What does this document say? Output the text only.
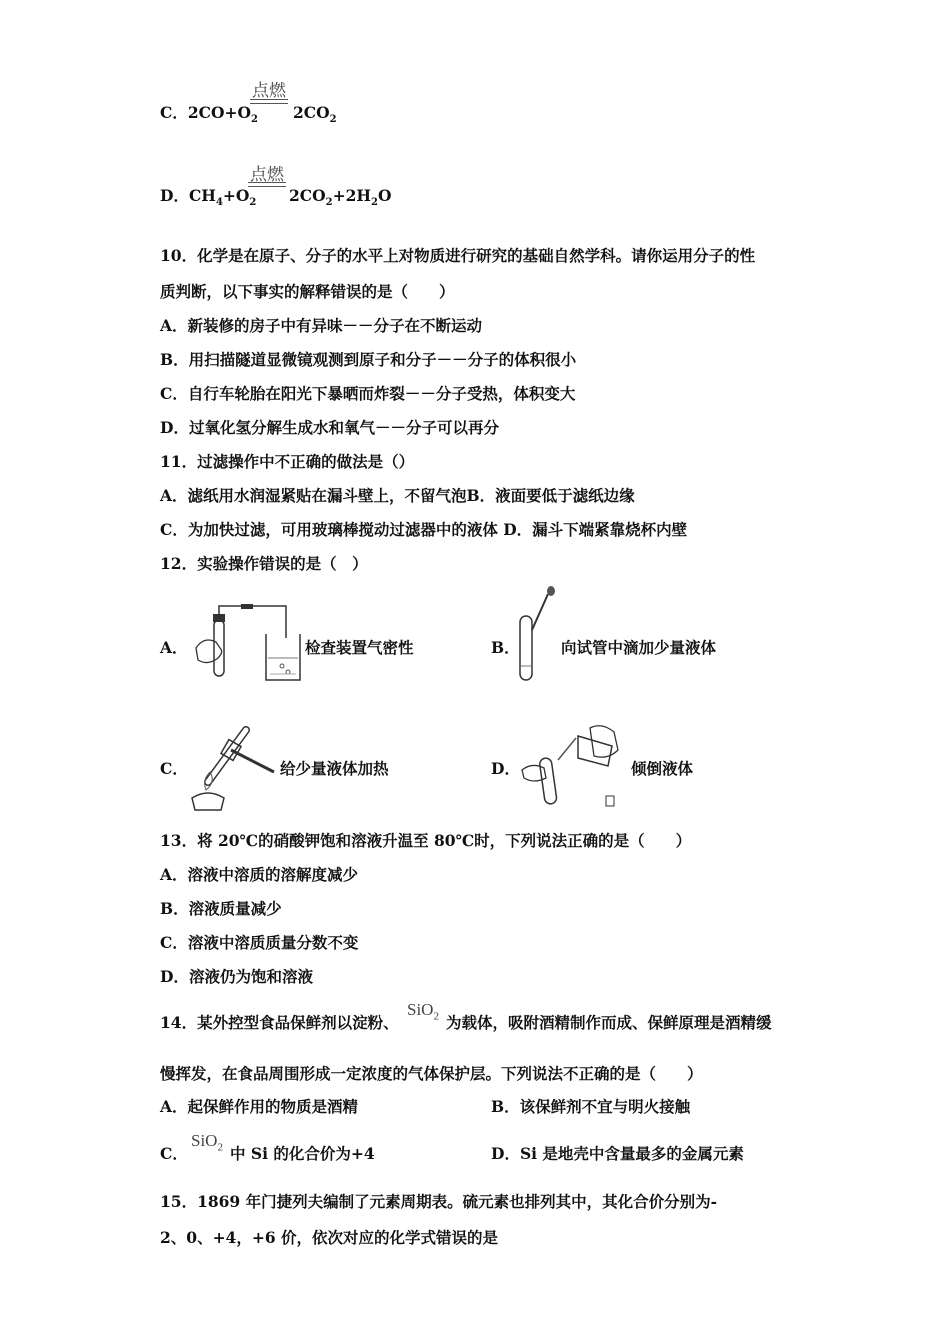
C．$2CO+O_2$
点燃
$2CO_2$
D．$CH_4+O_2$
点燃
$2CO_2+2H_2O$
10．化学是在原子、分子的水平上对物质进行研究的基础自然学科。请你运用分子的性
质判断，以下事实的解释错误的是（　　）
A．新装修的房子中有异味－－分子在不断运动
B．用扫描隧道显微镜观测到原子和分子－－分子的体积很小
C．自行车轮胎在阳光下暴晒而炸裂－－分子受热，体积变大
D．过氧化氢分解生成水和氧气－－分子可以再分
11．过滤操作中不正确的做法是（）
A．滤纸用水润湿紧贴在漏斗壁上，不留气泡B．液面要低于滤纸边缘
C．为加快过滤，可用玻璃棒搅动过滤器中的液体 D．漏斗下端紧靠烧杯内壁
12．实验操作错误的是（　）
A．	检查装置气密性	B．	向试管中滴加少量液体
C．	给少量液体加热	D．	倾倒液体
13．将 20℃的硝酸钾饱和溶液升温至 80℃时，下列说法正确的是（　　）
A．溶液中溶质的溶解度减少
B．溶液质量减少
C．溶液中溶质质量分数不变
D．溶液仍为饱和溶液
14．某外控型食品保鲜剂以淀粉、
SiO$_2$ 为载体，吸附酒精制作而成、保鲜原理是酒精缓
慢挥发，在食品周围形成一定浓度的气体保护层。下列说法不正确的是（　　）
A．起保鲜作用的物质是酒精	B．该保鲜剂不宜与明火接触
C．
SiO$_2$ 中 Si 的化合价为+4	D．Si 是地壳中含量最多的金属元素
15．1869 年门捷列夫编制了元素周期表。硫元素也排列其中，其化合价分别为-
2、0、+4，+6 价，依次对应的化学式错误的是
